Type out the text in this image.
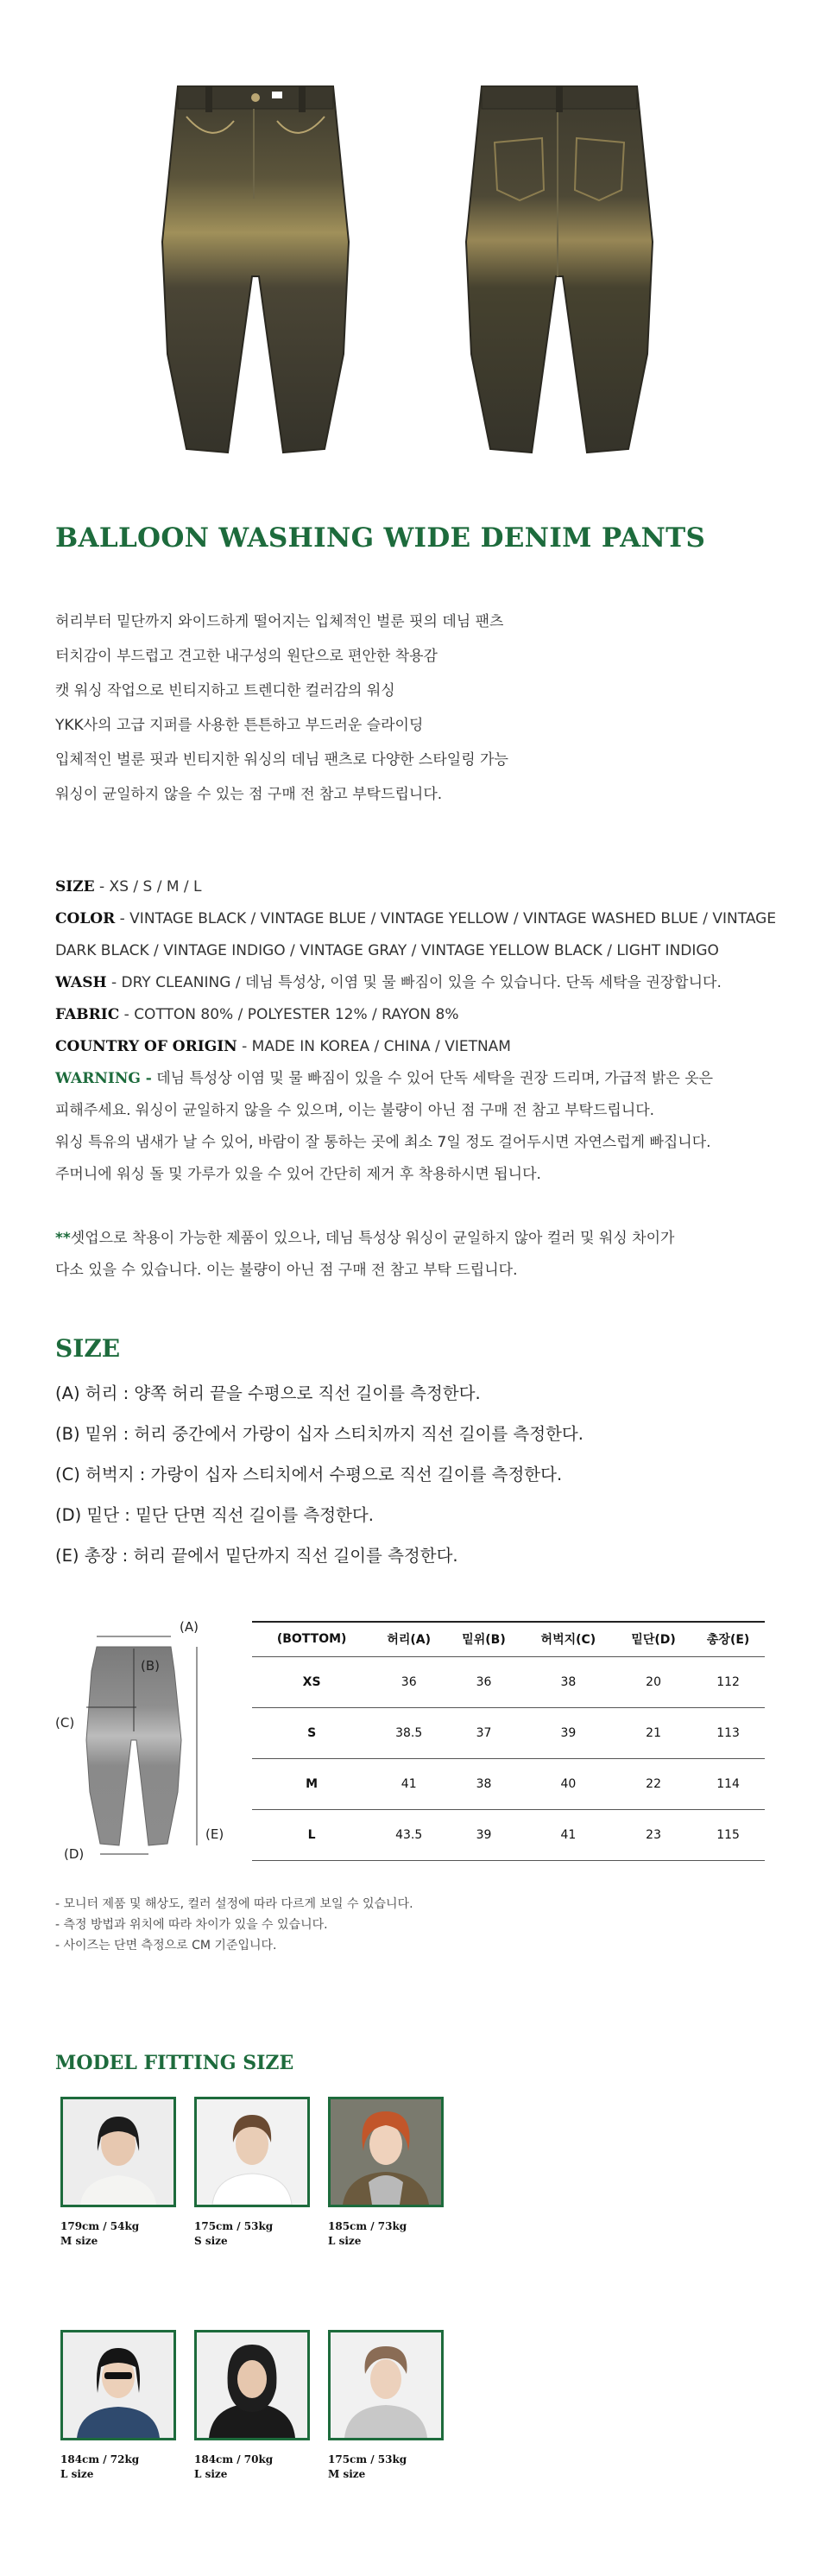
BALLOON WASHING WIDE DENIM PANTS
허리부터 밑단까지 와이드하게 떨어지는 입체적인 벌룬 핏의 데님 팬츠
터치감이 부드럽고 견고한 내구성의 원단으로 편안한 착용감
캣 워싱 작업으로 빈티지하고 트렌디한 컬러감의 워싱
YKK사의 고급 지퍼를 사용한 튼튼하고 부드러운 슬라이딩
입체적인 벌룬 핏과 빈티지한 워싱의 데님 팬츠로 다양한 스타일링 가능
워싱이 균일하지 않을 수 있는 점 구매 전 참고 부탁드립니다.
SIZE - XS / S / M / L
COLOR - VINTAGE BLACK / VINTAGE BLUE / VINTAGE YELLOW / VINTAGE WASHED BLUE / VINTAGE
DARK BLACK / VINTAGE INDIGO / VINTAGE GRAY / VINTAGE YELLOW BLACK / LIGHT INDIGO
WASH - DRY CLEANING / 데님 특성상, 이염 및 물 빠짐이 있을 수 있습니다. 단독 세탁을 권장합니다.
FABRIC - COTTON 80% / POLYESTER 12% / RAYON 8%
COUNTRY OF ORIGIN - MADE IN KOREA / CHINA / VIETNAM
WARNING - 데님 특성상 이염 및 물 빠짐이 있을 수 있어 단독 세탁을 권장 드리며, 가급적 밝은 옷은
피해주세요. 워싱이 균일하지 않을 수 있으며, 이는 불량이 아닌 점 구매 전 참고 부탁드립니다.
워싱 특유의 냄새가 날 수 있어, 바람이 잘 통하는 곳에 최소 7일 정도 걸어두시면 자연스럽게 빠집니다.
주머니에 워싱 돌 및 가루가 있을 수 있어 간단히 제거 후 착용하시면 됩니다.
**셋업으로 착용이 가능한 제품이 있으나, 데님 특성상 워싱이 균일하지 않아 컬러 및 워싱 차이가
다소 있을 수 있습니다. 이는 불량이 아닌 점 구매 전 참고 부탁 드립니다.
SIZE
(A) 허리 : 양쪽 허리 끝을 수평으로 직선 길이를 측정한다.
(B) 밑위 : 허리 중간에서 가랑이 십자 스티치까지 직선 길이를 측정한다.
(C) 허벅지 : 가랑이 십자 스티치에서 수평으로 직선 길이를 측정한다.
(D) 밑단 : 밑단 단면 직선 길이를 측정한다.
(E) 총장 : 허리 끝에서 밑단까지 직선 길이를 측정한다.
(A)
(B)
(C)
(D)
(E)
(BOTTOM)	허리(A)	밑위(B)	허벅지(C)	밑단(D)	총장(E)
XS	36	36	38	20	112
S	38.5	37	39	21	113
M	41	38	40	22	114
L	43.5	39	41	23	115
- 모니터 제품 및 해상도, 컬러 설정에 따라 다르게 보일 수 있습니다.
- 측정 방법과 위치에 따라 차이가 있을 수 있습니다.
- 사이즈는 단면 측정으로 CM 기준입니다.
MODEL FITTING SIZE
179cm / 54kg
M size
175cm / 53kg
S size
185cm / 73kg
L size
184cm / 72kg
L size
184cm / 70kg
L size
175cm / 53kg
M size
